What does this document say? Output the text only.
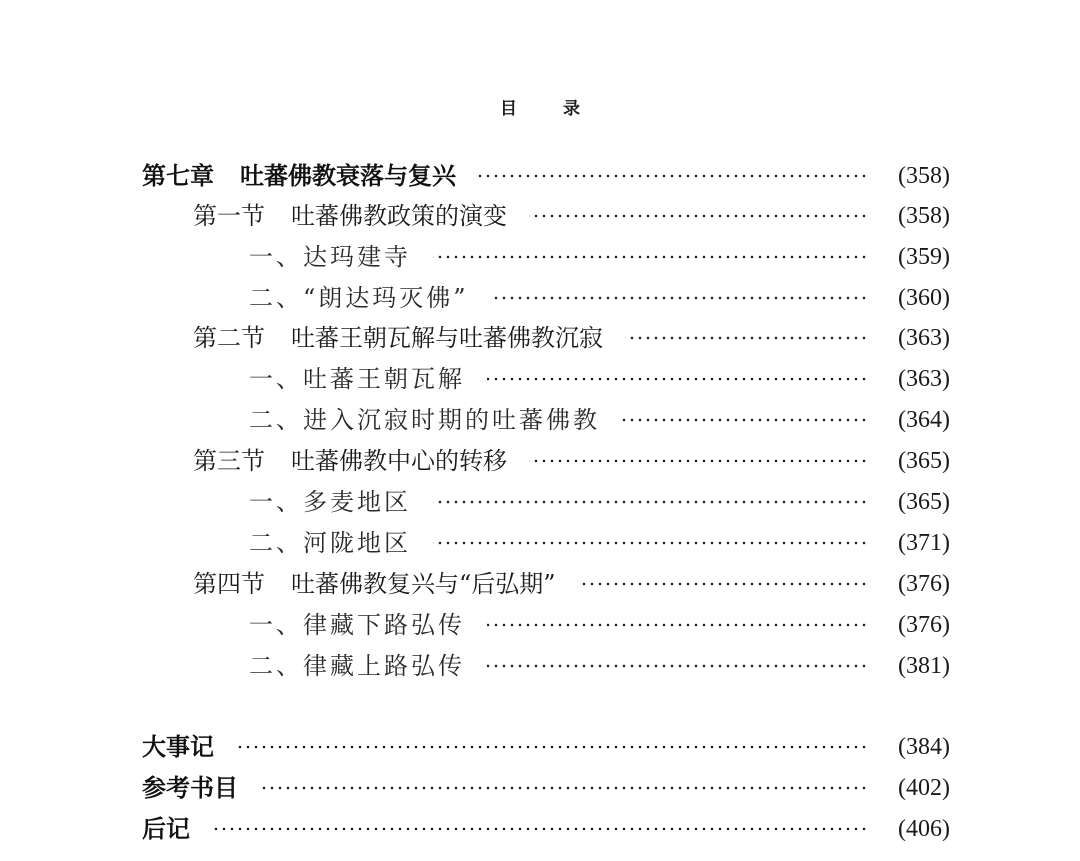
目 录
第七章 吐蕃佛教衰落与复兴	(358)
第一节 吐蕃佛教政策的演变	(358)
一、达玛建寺	(359)
二、“朗达玛灭佛”	(360)
第二节 吐蕃王朝瓦解与吐蕃佛教沉寂	(363)
一、吐蕃王朝瓦解	(363)
二、进入沉寂时期的吐蕃佛教	(364)
第三节 吐蕃佛教中心的转移	(365)
一、多麦地区	(365)
二、河陇地区	(371)
第四节 吐蕃佛教复兴与“后弘期”	(376)
一、律藏下路弘传	(376)
二、律藏上路弘传	(381)
大事记	(384)
参考书目	(402)
后记	(406)
